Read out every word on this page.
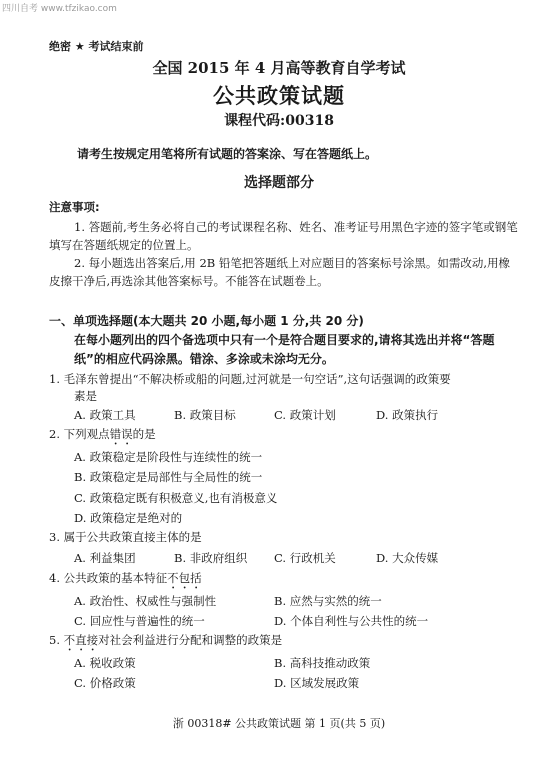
四川自考 www.tfzikao.com
绝密 ★ 考试结束前
全国 2015 年 4 月高等教育自学考试
公共政策试题
课程代码:00318
请考生按规定用笔将所有试题的答案涂、写在答题纸上。
选择题部分
注意事项:
1. 答题前,考生务必将自己的考试课程名称、姓名、准考证号用黑色字迹的签字笔或钢笔
填写在答题纸规定的位置上。
2. 每小题选出答案后,用 2B 铅笔把答题纸上对应题目的答案标号涂黑。如需改动,用橡
皮擦干净后,再选涂其他答案标号。不能答在试题卷上。
一、单项选择题(本大题共 20 小题,每小题 1 分,共 20 分)
在每小题列出的四个备选项中只有一个是符合题目要求的,请将其选出并将“答题
纸”的相应代码涂黑。错涂、多涂或未涂均无分。
1. 毛泽东曾提出“不解决桥或船的问题,过河就是一句空话”,这句话强调的政策要
素是
A. 政策工具	B. 政策目标	C. 政策计划	D. 政策执行
2. 下列观点错误的是
A. 政策稳定是阶段性与连续性的统一
B. 政策稳定是局部性与全局性的统一
C. 政策稳定既有积极意义,也有消极意义
D. 政策稳定是绝对的
3. 属于公共政策直接主体的是
A. 利益集团	B. 非政府组织 C. 行政机关	D. 大众传媒
4. 公共政策的基本特征不包括
A. 政治性、权威性与强制性	B. 应然与实然的统一
C. 回应性与普遍性的统一	D. 个体自利性与公共性的统一
5. 不直接对社会利益进行分配和调整的政策是
A. 税收政策	B. 高科技推动政策
C. 价格政策	D. 区域发展政策
浙 00318# 公共政策试题 第 1 页(共 5 页)
